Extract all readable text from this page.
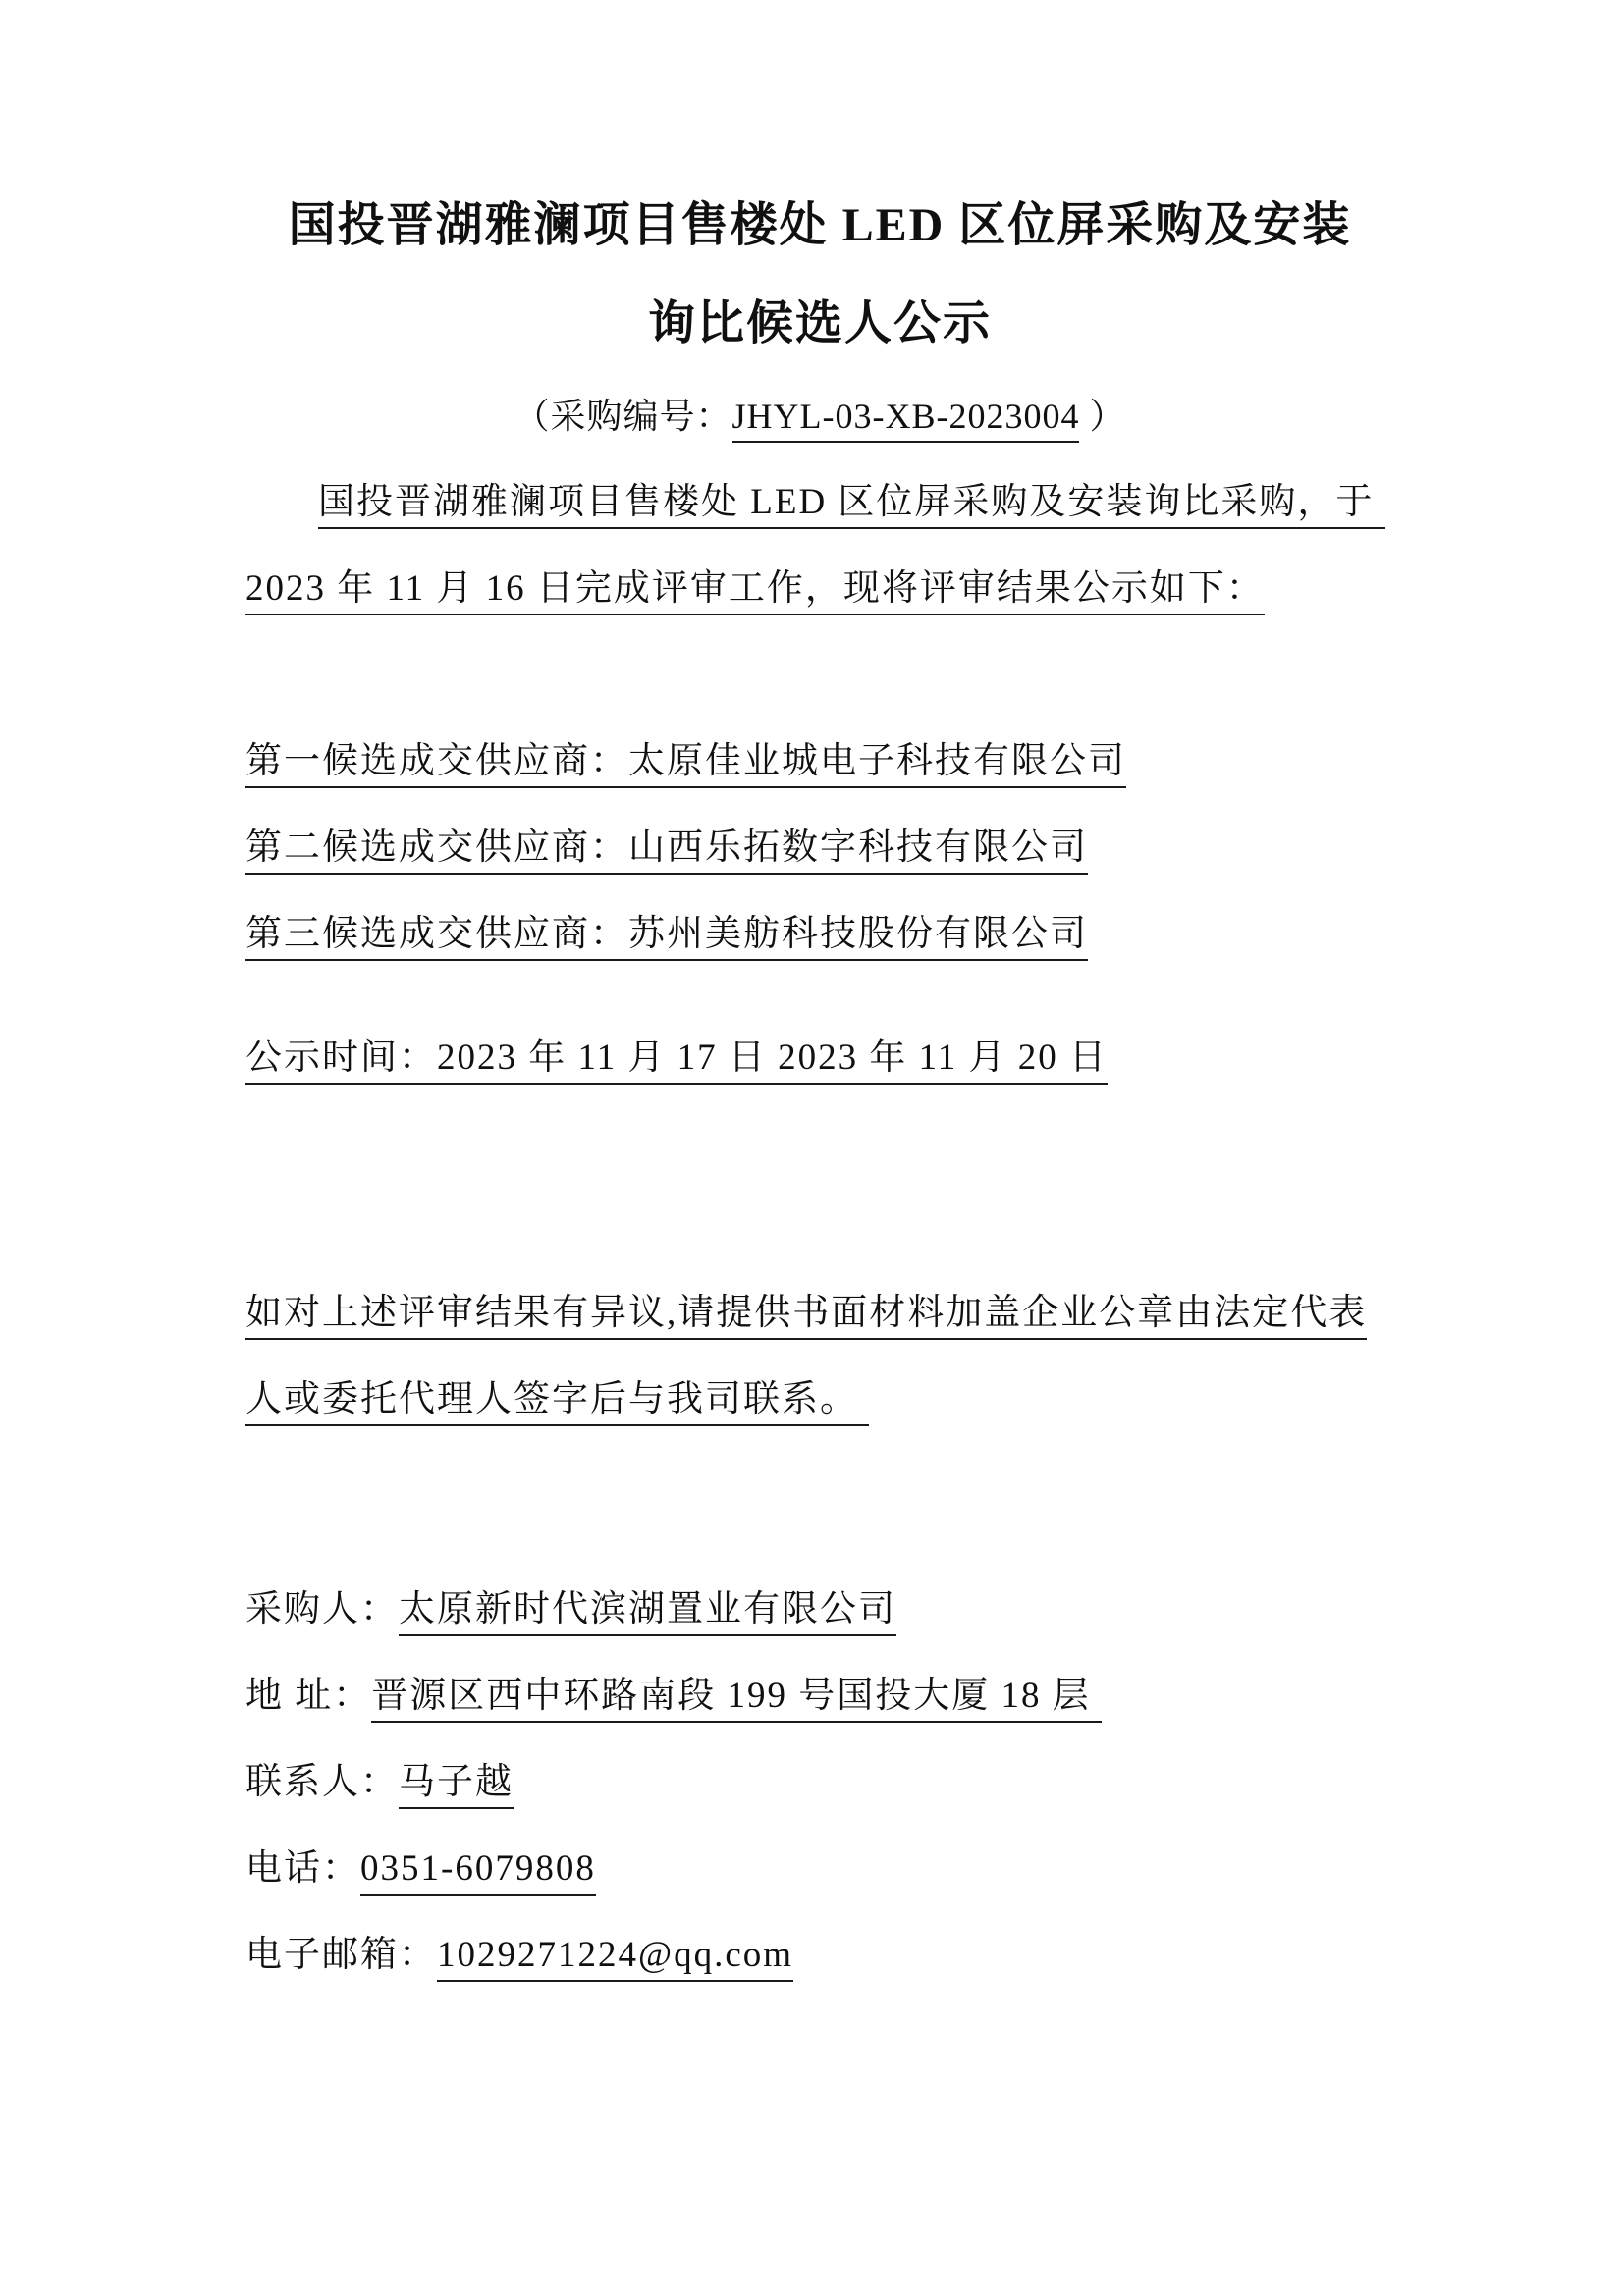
国投晋湖雅澜项目售楼处 LED 区位屏采购及安装
询比候选人公示
（采购编号：JHYL-03-XB-2023004 ）
国投晋湖雅澜项目售楼处 LED 区位屏采购及安装询比采购，于
2023 年 11 月 16 日完成评审工作，现将评审结果公示如下：
第一候选成交供应商：太原佳业城电子科技有限公司
第二候选成交供应商：山西乐拓数字科技有限公司
第三候选成交供应商：苏州美舫科技股份有限公司
公示时间：2023 年 11 月 17 日 2023 年 11 月 20 日
如对上述评审结果有异议,请提供书面材料加盖企业公章由法定代表
人或委托代理人签字后与我司联系。
采购人：太原新时代滨湖置业有限公司
地 址：晋源区西中环路南段 199 号国投大厦 18 层
联系人：马子越
电话：0351-6079808
电子邮箱：1029271224@qq.com
